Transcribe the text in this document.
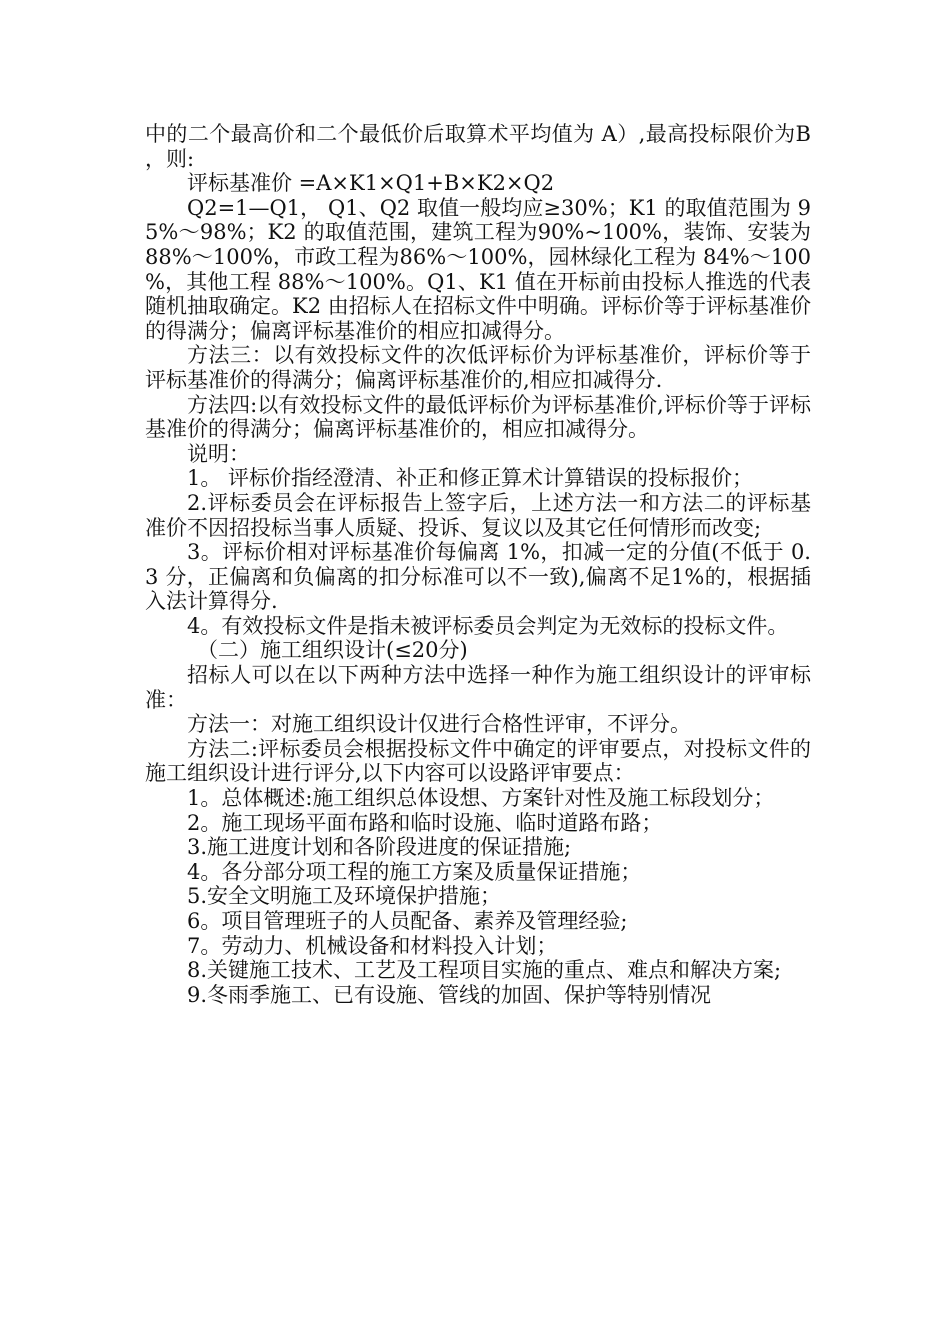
中的二个最高价和二个最低价后取算术平均值为 A）,最高投标限价为B，则:

评标基准价 =A×K1×Q1+B×K2×Q2

Q2=1—Q1， Q1、Q2 取值一般均应≥30%；K1 的取值范围为 95%～98%；K2 的取值范围，建筑工程为90%~100%，装饰、安装为88%～100%，市政工程为86%～100%，园林绿化工程为 84%～100%，其他工程 88%～100%。Q1、K1 值在开标前由投标人推选的代表随机抽取确定。K2 由招标人在招标文件中明确。评标价等于评标基准价的得满分；偏离评标基准价的相应扣减得分。

方法三：以有效投标文件的次低评标价为评标基准价，评标价等于评标基准价的得满分；偏离评标基准价的,相应扣减得分.

方法四:以有效投标文件的最低评标价为评标基准价,评标价等于评标基准价的得满分；偏离评标基准价的，相应扣减得分。

说明：

1。 评标价指经澄清、补正和修正算术计算错误的投标报价；

2.评标委员会在评标报告上签字后，上述方法一和方法二的评标基准价不因招投标当事人质疑、投诉、复议以及其它任何情形而改变;

3。评标价相对评标基准价每偏离 1%，扣减一定的分值(不低于 0.3 分，正偏离和负偏离的扣分标准可以不一致),偏离不足1%的，根据插入法计算得分.

4。有效投标文件是指未被评标委员会判定为无效标的投标文件。

（二）施工组织设计(≤20分)

招标人可以在以下两种方法中选择一种作为施工组织设计的评审标准：

方法一：对施工组织设计仅进行合格性评审，不评分。

方法二:评标委员会根据投标文件中确定的评审要点，对投标文件的施工组织设计进行评分,以下内容可以设路评审要点：

1。总体概述:施工组织总体设想、方案针对性及施工标段划分；

2。施工现场平面布路和临时设施、临时道路布路；

3.施工进度计划和各阶段进度的保证措施;

4。各分部分项工程的施工方案及质量保证措施；

5.安全文明施工及环境保护措施；

6。项目管理班子的人员配备、素养及管理经验;

7。劳动力、机械设备和材料投入计划；

8.关键施工技术、工艺及工程项目实施的重点、难点和解决方案;

9.冬雨季施工、已有设施、管线的加固、保护等特别情况
